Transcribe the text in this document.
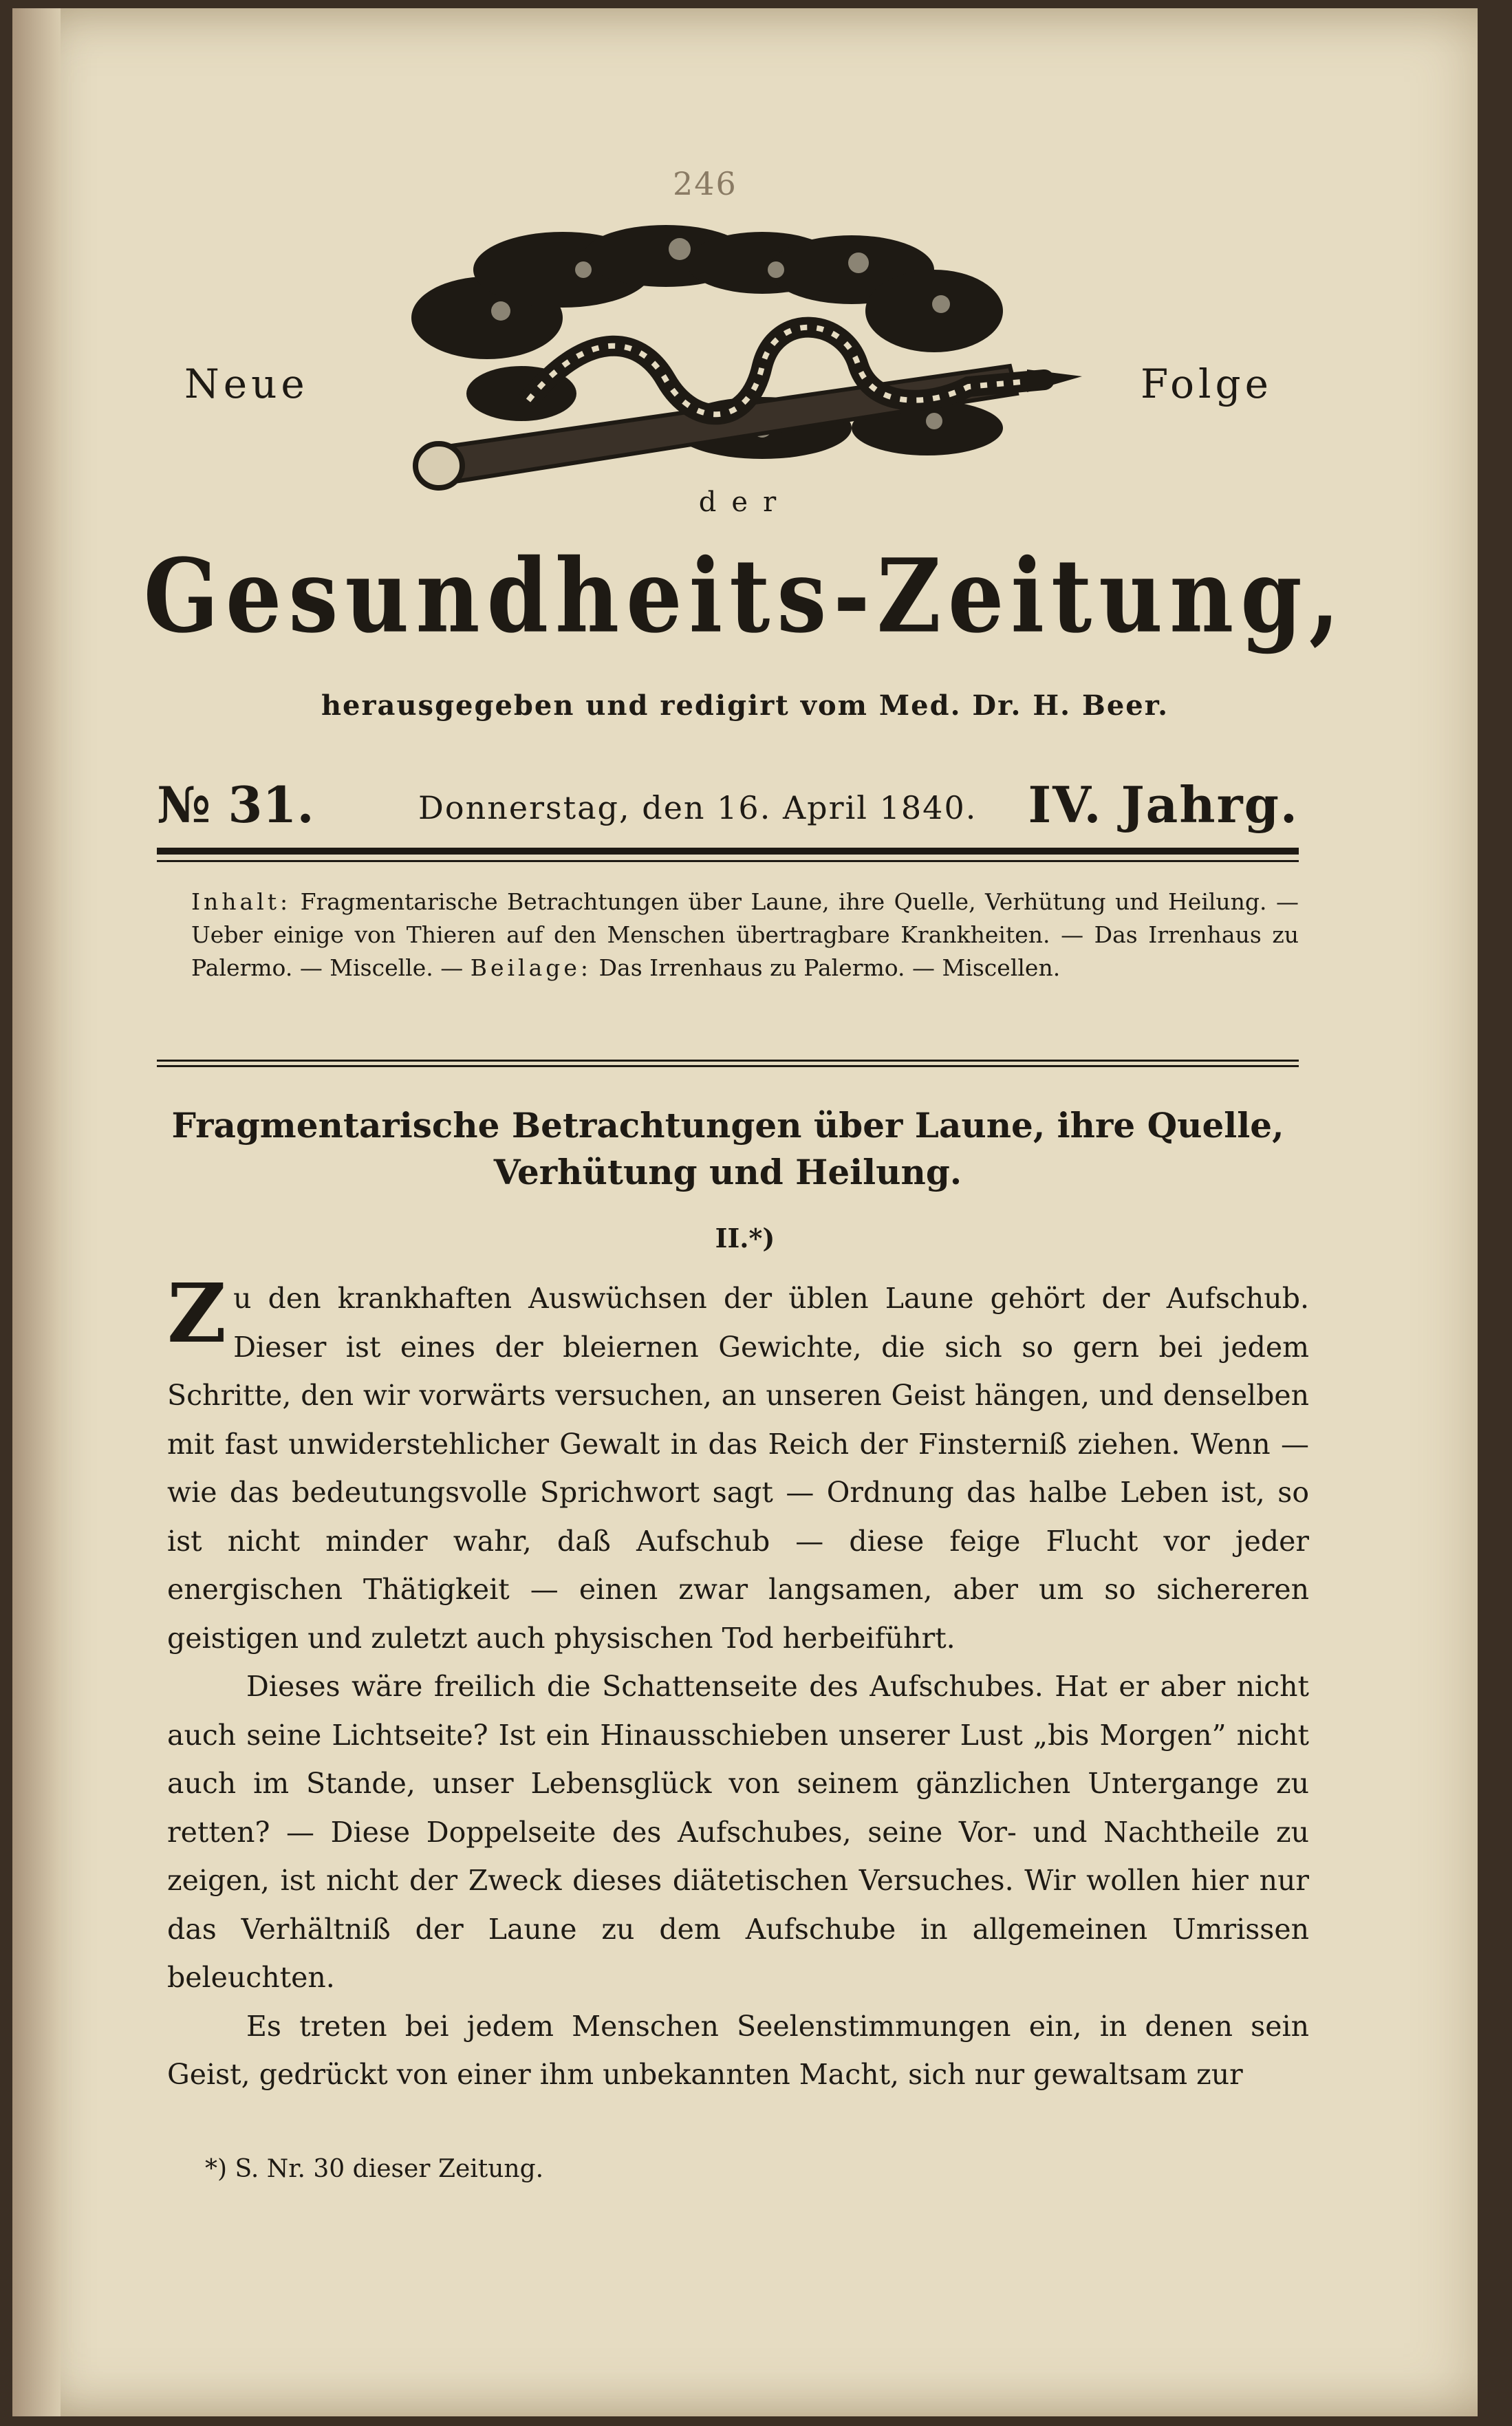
246
Neue	Folge
der
Gesundheits-Zeitung,
herausgegeben und redigirt vom Med. Dr. H. Beer.
№ 31.	Donnerstag, den 16. April 1840. IV. Jahrg.
Inhalt: Fragmentarische Betrachtungen über Laune, ihre Quelle, Verhütung und Heilung. — Ueber einige von Thieren auf den Menschen übertragbare Krankheiten. — Das Irrenhaus zu Palermo. — Miscelle. — Beilage: Das Irrenhaus zu Palermo. — Miscellen.
Fragmentarische Betrachtungen über Laune, ihre Quelle,
Verhütung und Heilung.
II.*)

Zu den krankhaften Auswüchsen der üblen Laune gehört der Aufschub. Dieser ist eines der bleiernen Gewichte, die sich so gern bei jedem Schritte, den wir vorwärts versuchen, an unseren Geist hängen, und denselben mit fast unwiderstehlicher Gewalt in das Reich der Finsterniß ziehen. Wenn — wie das bedeutungsvolle Sprichwort sagt — Ordnung das halbe Leben ist, so ist nicht minder wahr, daß Aufschub — diese feige Flucht vor jeder energischen Thätigkeit — einen zwar langsamen, aber um so sichereren geistigen und zuletzt auch physischen Tod herbeiführt.

Dieses wäre freilich die Schattenseite des Aufschubes. Hat er aber nicht auch seine Lichtseite? Ist ein Hinausschieben unserer Lust „bis Morgen” nicht auch im Stande, unser Lebensglück von seinem gänzlichen Untergange zu retten? — Diese Doppelseite des Aufschubes, seine Vor- und Nachtheile zu zeigen, ist nicht der Zweck dieses diätetischen Versuches. Wir wollen hier nur das Verhältniß der Laune zu dem Aufschube in allgemeinen Umrissen beleuchten.

Es treten bei jedem Menschen Seelenstimmungen ein, in denen sein Geist, gedrückt von einer ihm unbekannten Macht, sich nur gewaltsam zur

*) S. Nr. 30 dieser Zeitung.
